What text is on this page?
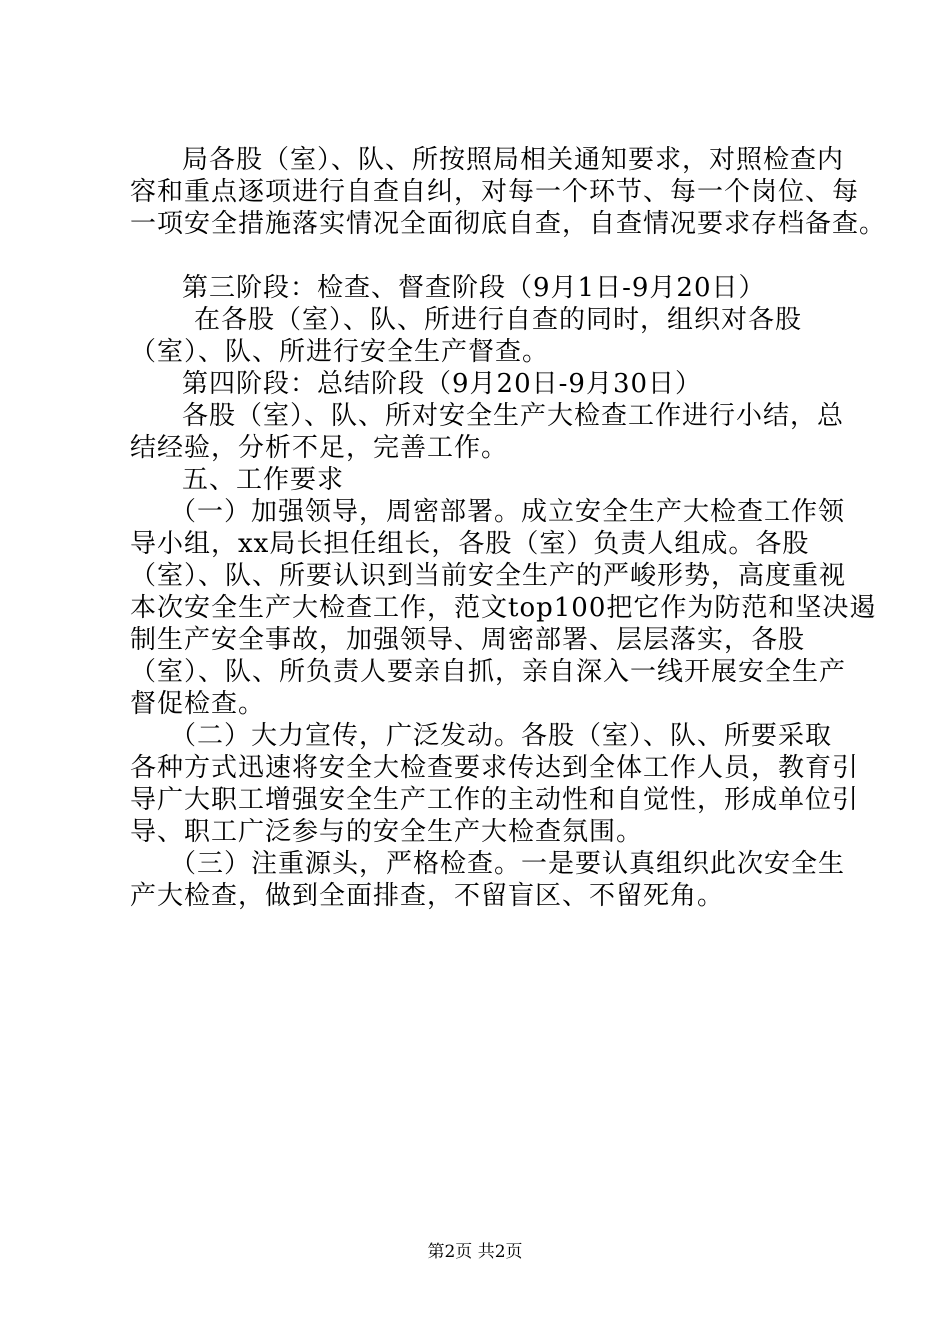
局各股（室）、队、所按照局相关通知要求，对照检查内
容和重点逐项进行自查自纠，对每一个环节、每一个岗位、每
一项安全措施落实情况全面彻底自查，自查情况要求存档备查。
第三阶段：检查、督查阶段（9月1日-9月20日）
在各股（室）、队、所进行自查的同时，组织对各股
（室）、队、所进行安全生产督查。
第四阶段：总结阶段（9月20日-9月30日）
各股（室）、队、所对安全生产大检查工作进行小结，总
结经验，分析不足，完善工作。
五、工作要求
（一）加强领导，周密部署。成立安全生产大检查工作领
导小组，xx局长担任组长，各股（室）负责人组成。各股
（室）、队、所要认识到当前安全生产的严峻形势，高度重视
本次安全生产大检查工作，范文top100把它作为防范和坚决遏
制生产安全事故，加强领导、周密部署、层层落实，各股
（室）、队、所负责人要亲自抓，亲自深入一线开展安全生产
督促检查。
（二）大力宣传，广泛发动。各股（室）、队、所要采取
各种方式迅速将安全大检查要求传达到全体工作人员，教育引
导广大职工增强安全生产工作的主动性和自觉性，形成单位引
导、职工广泛参与的安全生产大检查氛围。
（三）注重源头，严格检查。一是要认真组织此次安全生
产大检查，做到全面排查，不留盲区、不留死角。
第2页 共2页
